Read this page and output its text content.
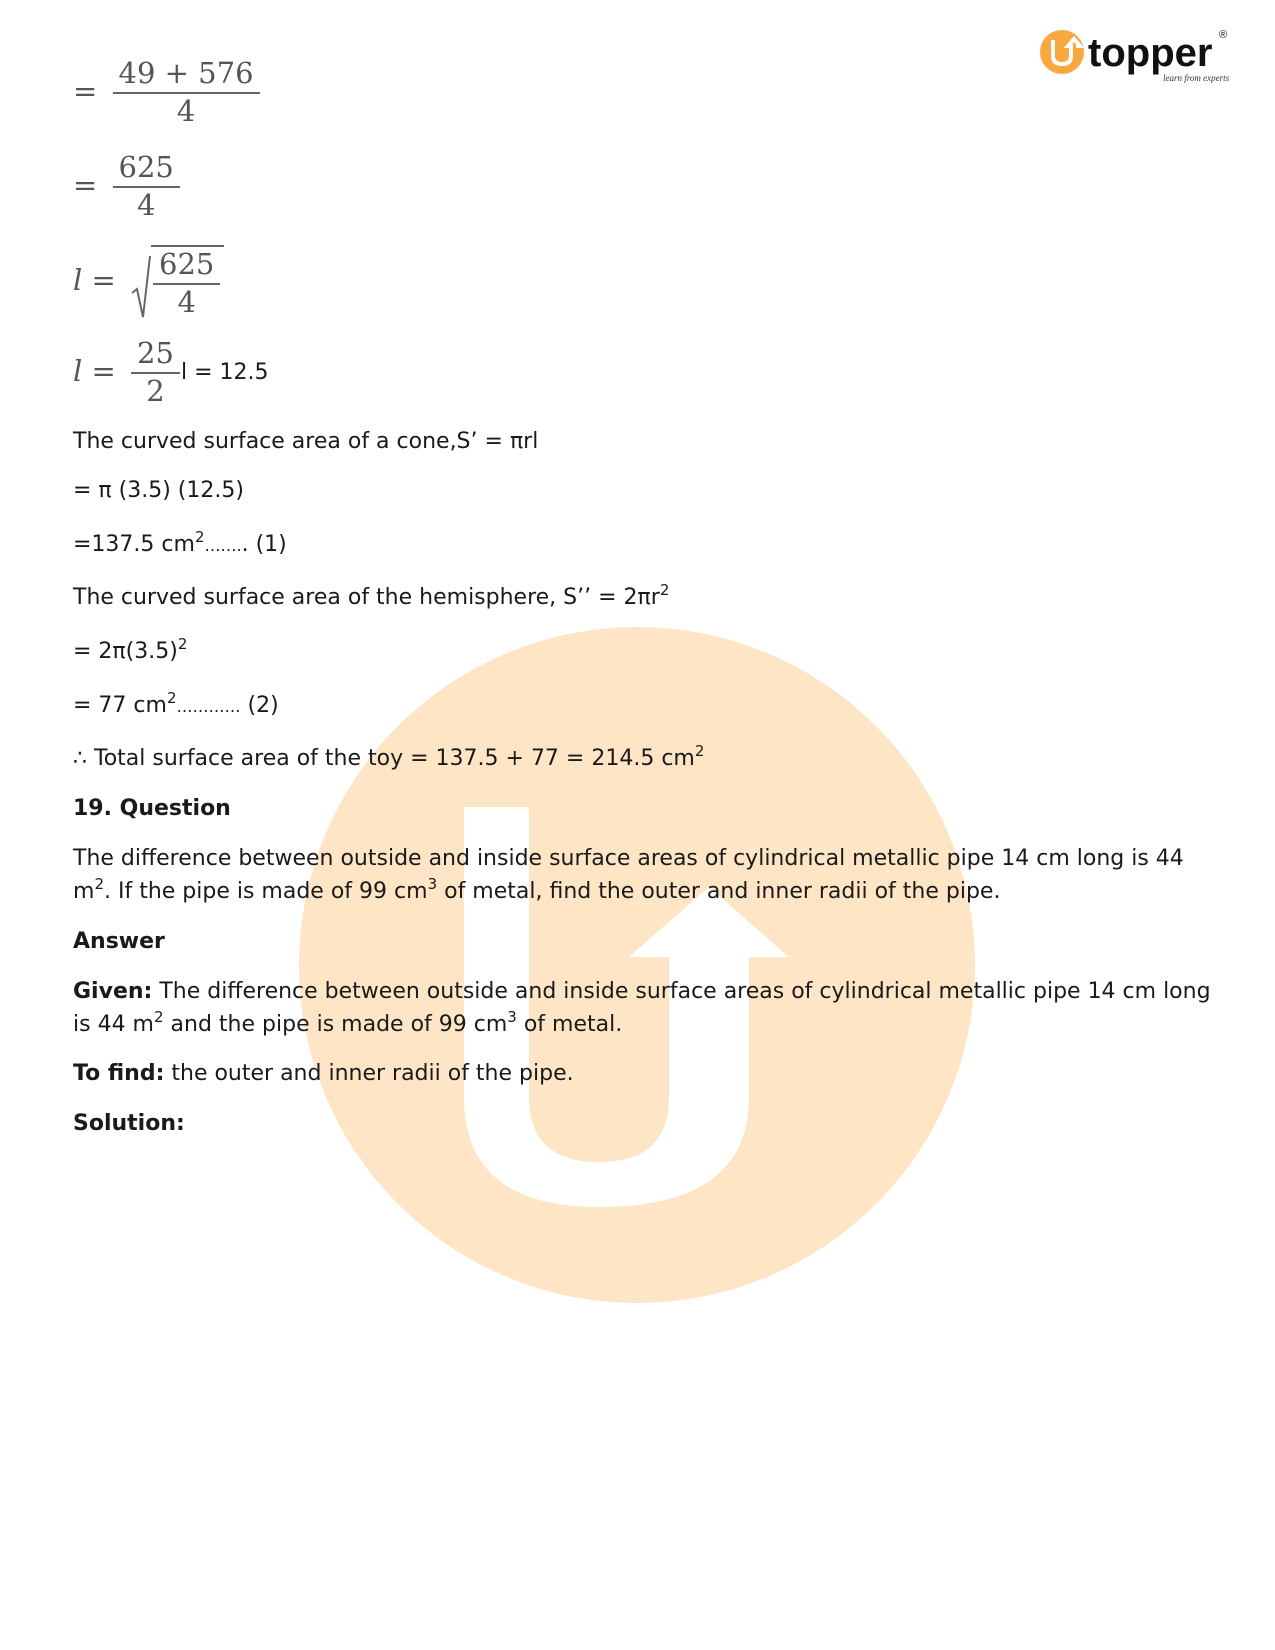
topper ®
learn from experts
= $\frac{49 + 576}{4}$
= $\frac{625}{4}$
$l = \frac{625}{4}$
$l = \frac{25}{2}$ l = 12.5
The curved surface area of a cone,S’ = πrl
= π (3.5) (12.5)
=137.5 $cm^2\dots\dots$.. (1)
The curved surface area of the hemisphere, S’’ = $2\pi r^2$
= $2\pi(3.5)^2$
= 77 $cm^2\dots\dots\dots\dots$ (2)
∴ Total surface area of the toy = 137.5 + 77 = 214.5 $cm^2$
19. Question
The difference between outside and inside surface areas of cylindrical metallic pipe 14 cm long is 44 $m^2$. If the pipe is made of 99 $cm^3$ of metal, find the outer and inner radii of the pipe.
Answer
Given: The difference between outside and inside surface areas of cylindrical metallic pipe 14 cm long is 44 $m^2$ and the pipe is made of 99 $cm^3$ of metal.
To find: the outer and inner radii of the pipe.
Solution:
